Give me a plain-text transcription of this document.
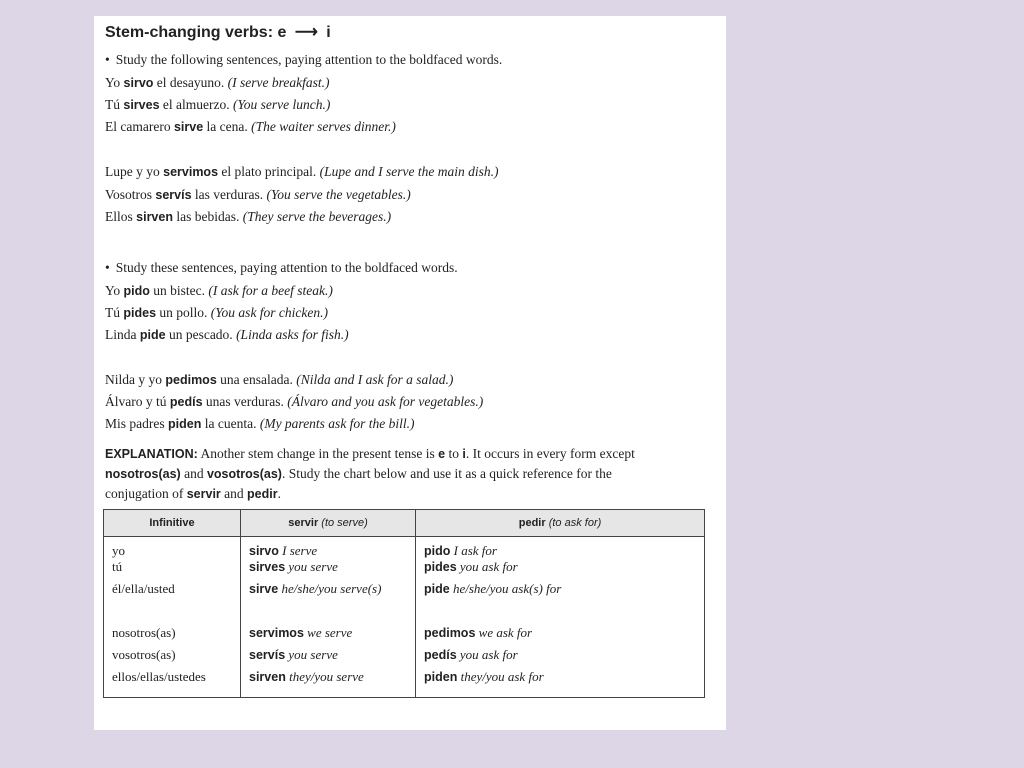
Stem-changing verbs: e ⟶ i
• Study the following sentences, paying attention to the boldfaced words.
Yo sirvo el desayuno. (I serve breakfast.)
Tú sirves el almuerzo. (You serve lunch.)
El camarero sirve la cena. (The waiter serves dinner.)
Lupe y yo servimos el plato principal. (Lupe and I serve the main dish.)
Vosotros servís las verduras. (You serve the vegetables.)
Ellos sirven las bebidas. (They serve the beverages.)
• Study these sentences, paying attention to the boldfaced words.
Yo pido un bistec. (I ask for a beef steak.)
Tú pides un pollo. (You ask for chicken.)
Linda pide un pescado. (Linda asks for fish.)
Nilda y yo pedimos una ensalada. (Nilda and I ask for a salad.)
Álvaro y tú pedís unas verduras. (Álvaro and you ask for vegetables.)
Mis padres piden la cuenta. (My parents ask for the bill.)
EXPLANATION: Another stem change in the present tense is e to i. It occurs in every form except nosotros(as) and vosotros(as). Study the chart below and use it as a quick reference for the conjugation of servir and pedir.
Infinitive	servir (to serve)	pedir (to ask for)
yo	sirvo I serve	pido I ask for
tú	sirves you serve	pides you ask for
él/ella/usted	sirve he/she/you serve(s)	pide he/she/you ask(s) for

nosotros(as)	servimos we serve	pedimos we ask for
vosotros(as)	servís you serve	pedís you ask for
ellos/ellas/ustedes	sirven they/you serve	piden they/you ask for
